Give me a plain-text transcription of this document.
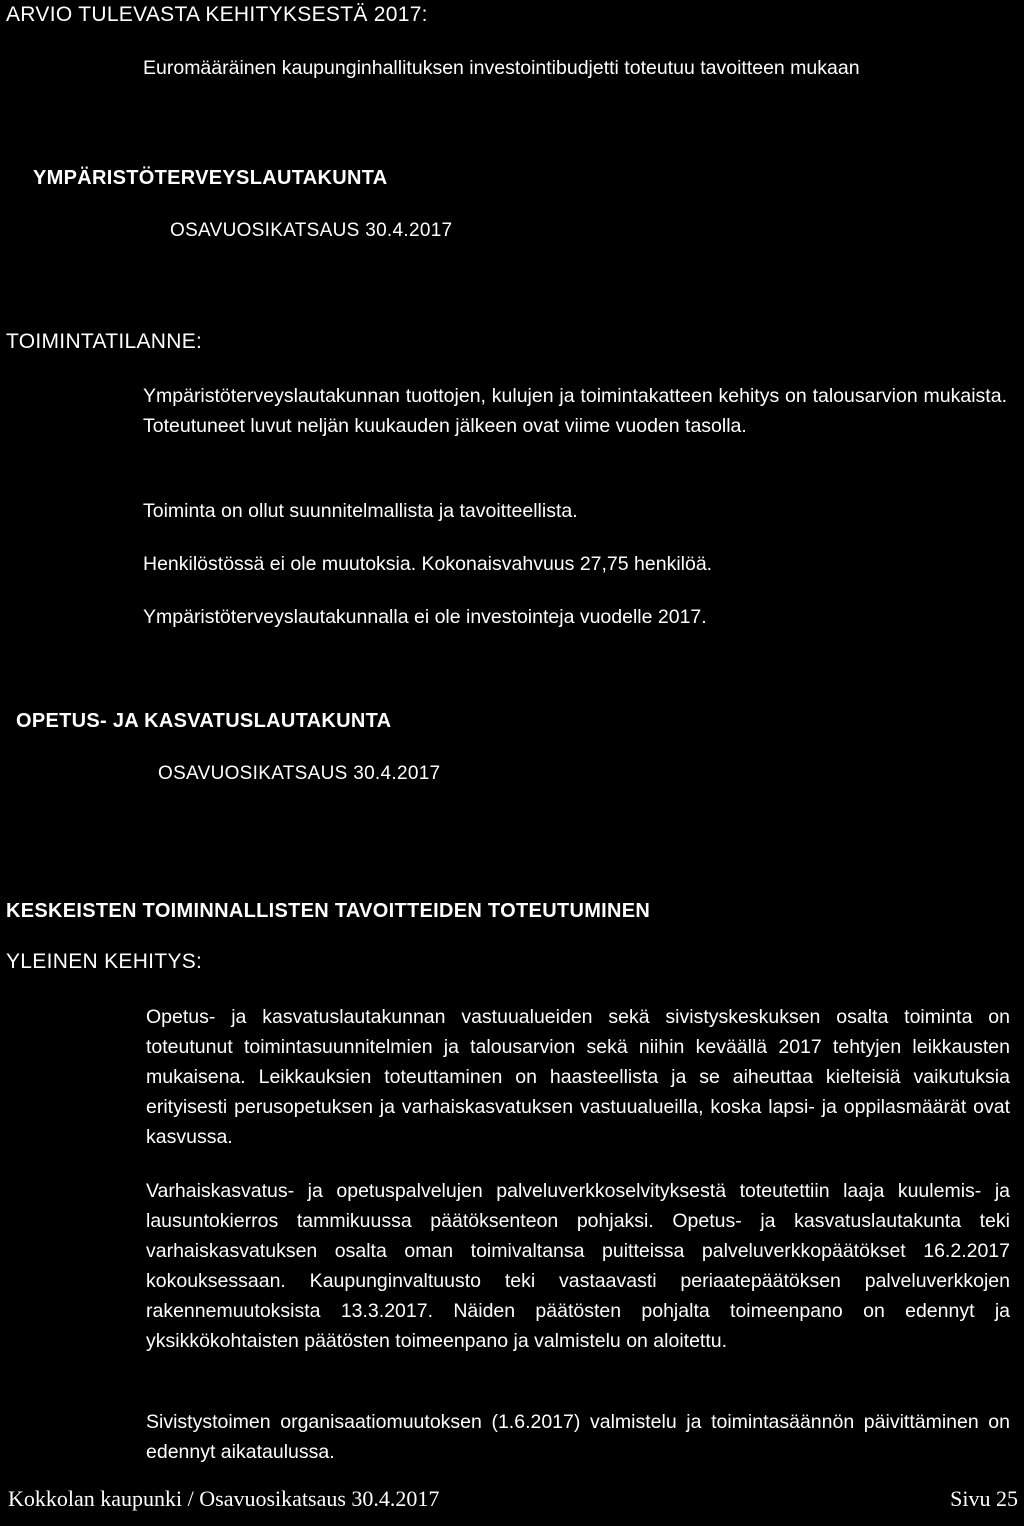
ARVIO TULEVASTA KEHITYKSESTÄ 2017:

Euromääräinen kaupunginhallituksen investointibudjetti toteutuu tavoitteen mukaan

YMPÄRISTÖTERVEYSLAUTAKUNTA

OSAVUOSIKATSAUS 30.4.2017

TOIMINTATILANNE:

Ympäristöterveyslautakunnan tuottojen, kulujen ja toimintakatteen kehitys on talousarvion mukaista. Toteutuneet luvut neljän kuukauden jälkeen ovat viime vuoden tasolla.

Toiminta on ollut suunnitelmallista ja tavoitteellista.

Henkilöstössä ei ole muutoksia. Kokonaisvahvuus 27,75 henkilöä.

Ympäristöterveyslautakunnalla ei ole investointeja vuodelle 2017.

OPETUS- JA KASVATUSLAUTAKUNTA

OSAVUOSIKATSAUS 30.4.2017

KESKEISTEN TOIMINNALLISTEN TAVOITTEIDEN TOTEUTUMINEN

YLEINEN KEHITYS:

Opetus- ja kasvatuslautakunnan vastuualueiden sekä sivistyskeskuksen osalta toiminta on toteutunut toimintasuunnitelmien ja talousarvion sekä niihin keväällä 2017 tehtyjen leikkausten mukaisena. Leikkauksien toteuttaminen on haasteellista ja se aiheuttaa kielteisiä vaikutuksia erityisesti perusopetuksen ja varhaiskasvatuksen vastuualueilla, koska lapsi- ja oppilasmäärät ovat kasvussa.

Varhaiskasvatus- ja opetuspalvelujen palveluverkkoselvityksestä toteutettiin laaja kuulemis- ja lausuntokierros tammikuussa päätöksenteon pohjaksi. Opetus- ja kasvatuslautakunta teki varhaiskasvatuksen osalta oman toimivaltansa puitteissa palveluverkkopäätökset 16.2.2017 kokouksessaan. Kaupunginvaltuusto teki vastaavasti periaatepäätöksen palveluverkkojen rakennemuutoksista 13.3.2017. Näiden päätösten pohjalta toimeenpano on edennyt ja yksikkökohtaisten päätösten toimeenpano ja valmistelu on aloitettu.

Sivistystoimen organisaatiomuutoksen (1.6.2017) valmistelu ja toimintasäännön päivittäminen on edennyt aikataulussa.

Kokkolan kaupunki / Osavuosikatsaus 30.4.2017	Sivu 25
